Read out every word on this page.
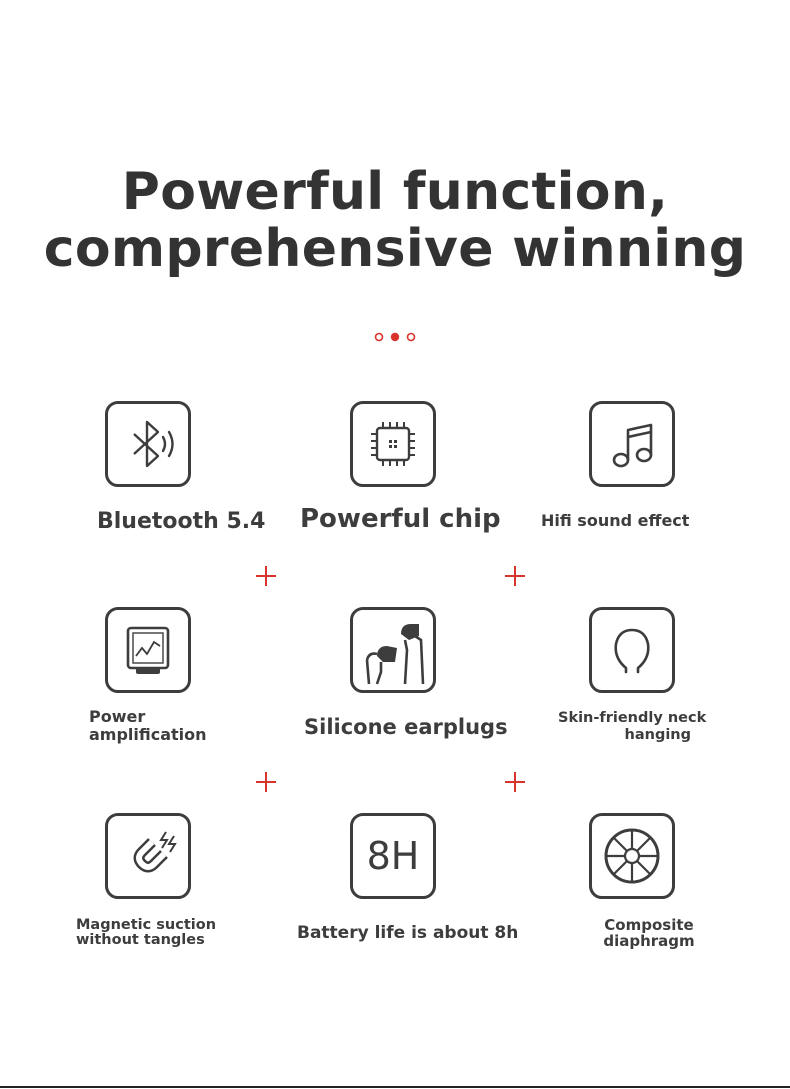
Powerful function,
comprehensive winning
Bluetooth 5.4 Powerful chip	Hifi sound effect
Power
amplification	Silicone earplugs	Skin-friendly neck
hanging
Magnetic suction
without tangles
8H
Battery life is about 8h	Composite
diaphragm
